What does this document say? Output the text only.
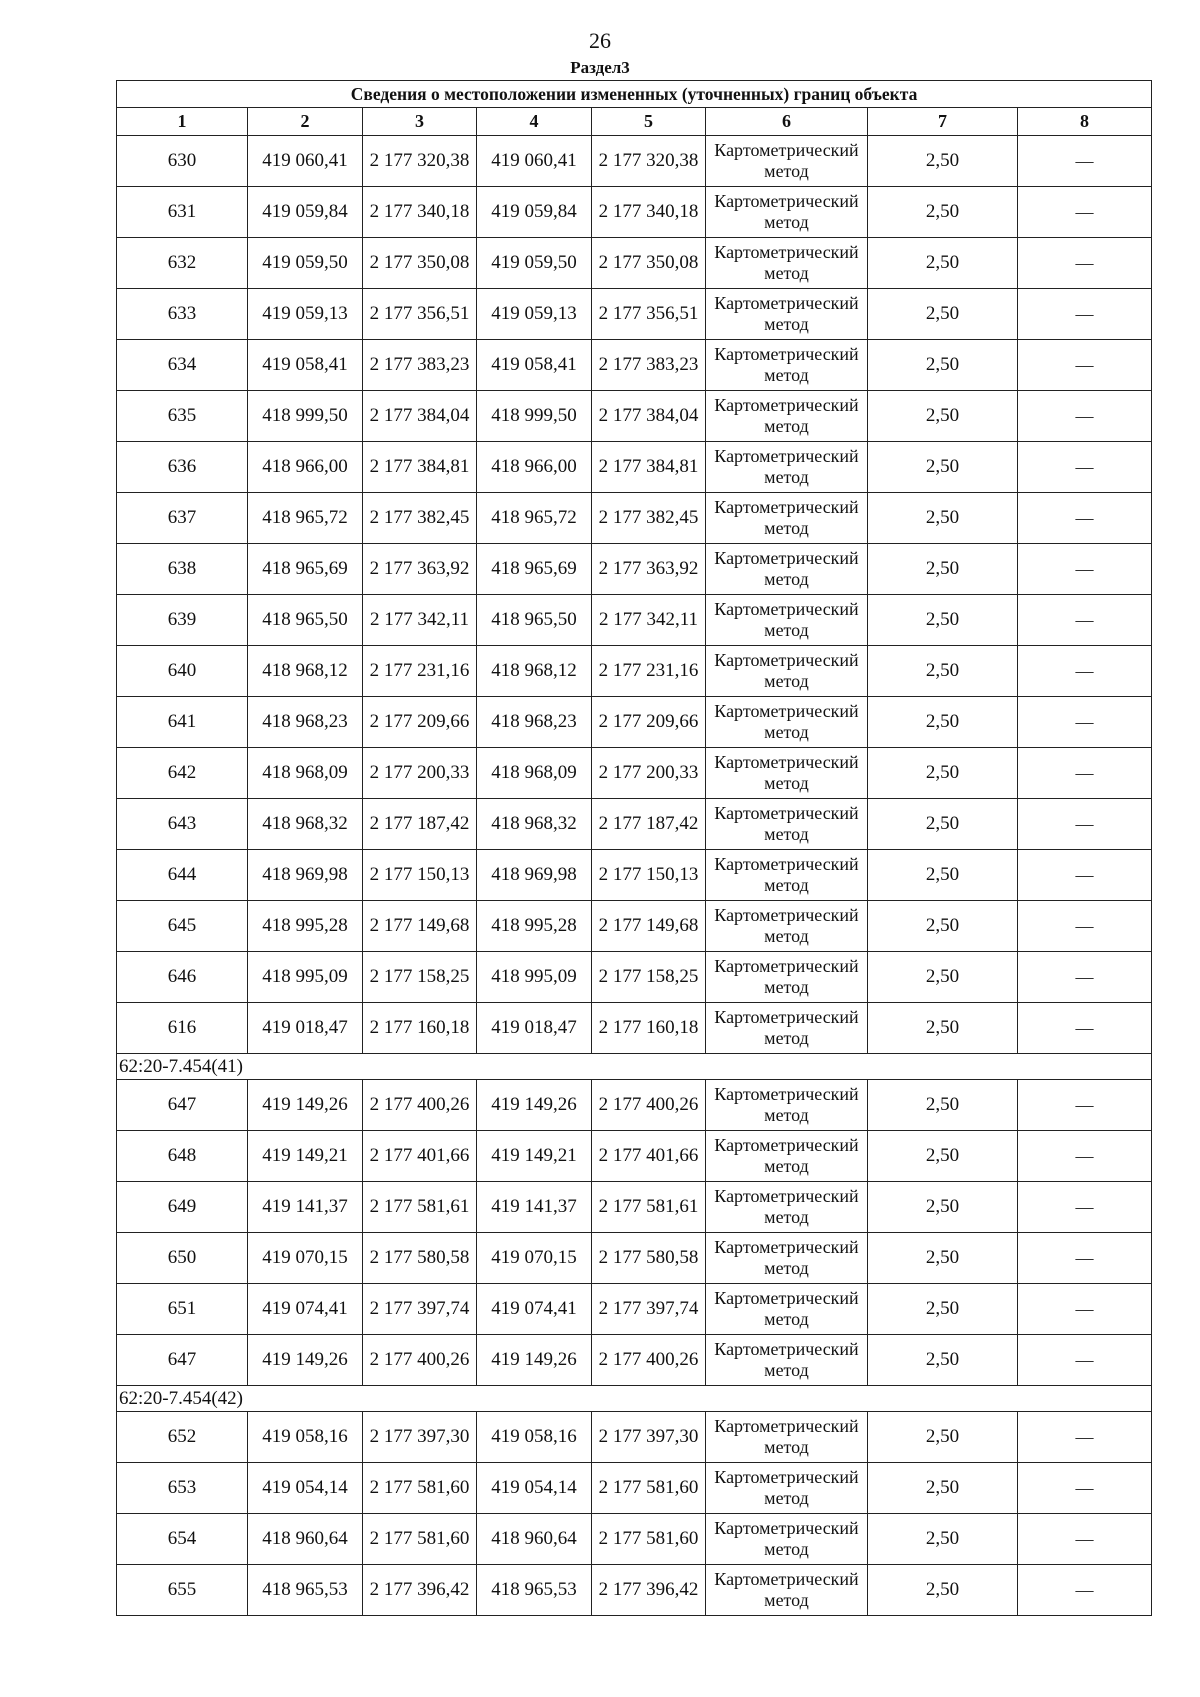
26
Раздел3
Сведения о местоположении измененных (уточненных) границ объекта							
1	2	3	4	5	6	7	8
630	419 060,41	2 177 320,38	419 060,41	2 177 320,38	Картометрический метод	2,50	—
631	419 059,84	2 177 340,18	419 059,84	2 177 340,18	Картометрический метод	2,50	—
632	419 059,50	2 177 350,08	419 059,50	2 177 350,08	Картометрический метод	2,50	—
633	419 059,13	2 177 356,51	419 059,13	2 177 356,51	Картометрический метод	2,50	—
634	419 058,41	2 177 383,23	419 058,41	2 177 383,23	Картометрический метод	2,50	—
635	418 999,50	2 177 384,04	418 999,50	2 177 384,04	Картометрический метод	2,50	—
636	418 966,00	2 177 384,81	418 966,00	2 177 384,81	Картометрический метод	2,50	—
637	418 965,72	2 177 382,45	418 965,72	2 177 382,45	Картометрический метод	2,50	—
638	418 965,69	2 177 363,92	418 965,69	2 177 363,92	Картометрический метод	2,50	—
639	418 965,50	2 177 342,11	418 965,50	2 177 342,11	Картометрический метод	2,50	—
640	418 968,12	2 177 231,16	418 968,12	2 177 231,16	Картометрический метод	2,50	—
641	418 968,23	2 177 209,66	418 968,23	2 177 209,66	Картометрический метод	2,50	—
642	418 968,09	2 177 200,33	418 968,09	2 177 200,33	Картометрический метод	2,50	—
643	418 968,32	2 177 187,42	418 968,32	2 177 187,42	Картометрический метод	2,50	—
644	418 969,98	2 177 150,13	418 969,98	2 177 150,13	Картометрический метод	2,50	—
645	418 995,28	2 177 149,68	418 995,28	2 177 149,68	Картометрический метод	2,50	—
646	418 995,09	2 177 158,25	418 995,09	2 177 158,25	Картометрический метод	2,50	—
616	419 018,47	2 177 160,18	419 018,47	2 177 160,18	Картометрический метод	2,50	—
62:20-7.454(41)							
647	419 149,26	2 177 400,26	419 149,26	2 177 400,26	Картометрический метод	2,50	—
648	419 149,21	2 177 401,66	419 149,21	2 177 401,66	Картометрический метод	2,50	—
649	419 141,37	2 177 581,61	419 141,37	2 177 581,61	Картометрический метод	2,50	—
650	419 070,15	2 177 580,58	419 070,15	2 177 580,58	Картометрический метод	2,50	—
651	419 074,41	2 177 397,74	419 074,41	2 177 397,74	Картометрический метод	2,50	—
647	419 149,26	2 177 400,26	419 149,26	2 177 400,26	Картометрический метод	2,50	—
62:20-7.454(42)							
652	419 058,16	2 177 397,30	419 058,16	2 177 397,30	Картометрический метод	2,50	—
653	419 054,14	2 177 581,60	419 054,14	2 177 581,60	Картометрический метод	2,50	—
654	418 960,64	2 177 581,60	418 960,64	2 177 581,60	Картометрический метод	2,50	—
655	418 965,53	2 177 396,42	418 965,53	2 177 396,42	Картометрический метод	2,50	—
